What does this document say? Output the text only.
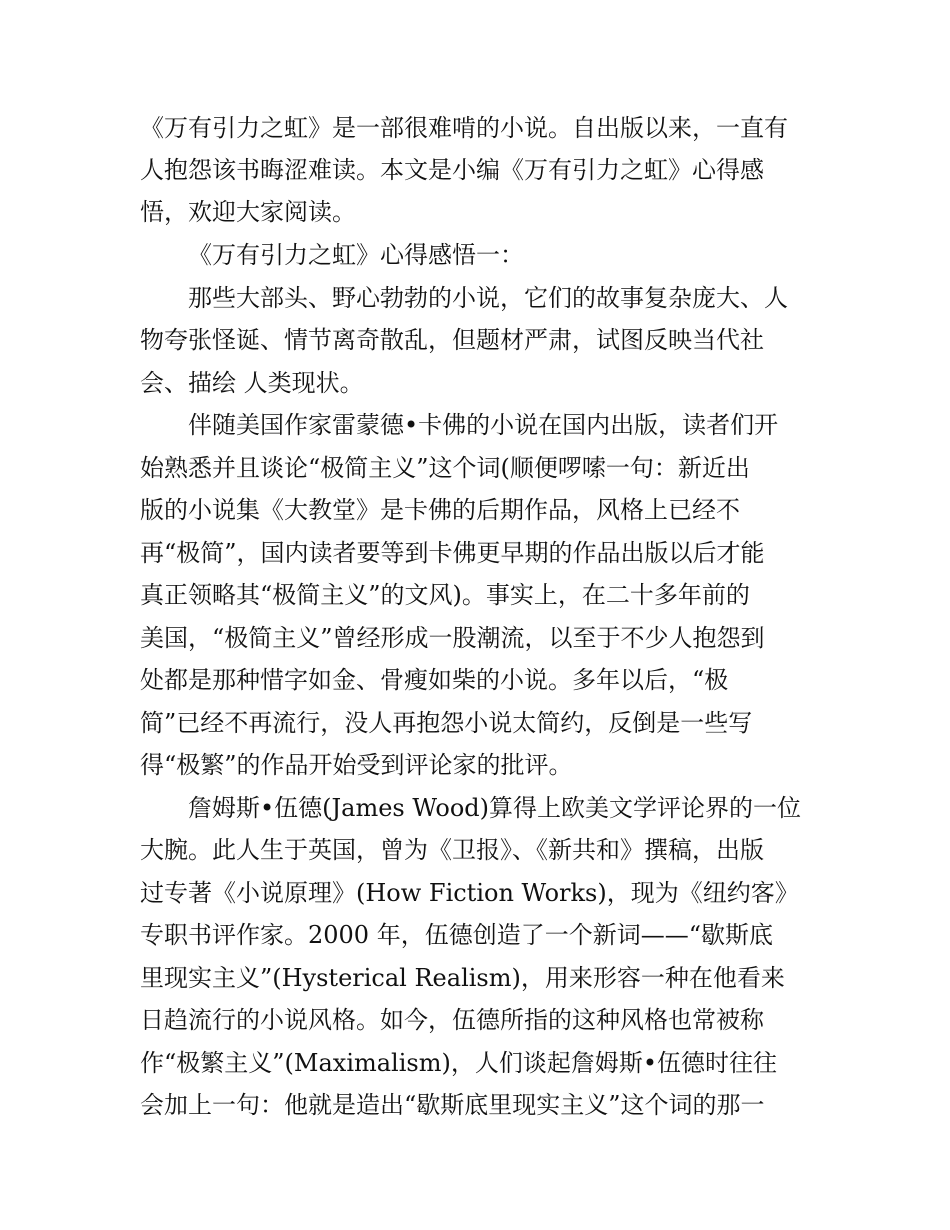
《万有引力之虹》是一部很难啃的小说。自出版以来，一直有
人抱怨该书晦涩难读。本文是小编《万有引力之虹》心得感
悟，欢迎大家阅读。
《万有引力之虹》心得感悟一：
那些大部头、野心勃勃的小说，它们的故事复杂庞大、人
物夸张怪诞、情节离奇散乱，但题材严肃，试图反映当代社
会、描绘 人类现状。
伴随美国作家雷蒙德•卡佛的小说在国内出版，读者们开
始熟悉并且谈论“极简主义”这个词(顺便啰嗦一句：新近出
版的小说集《大教堂》是卡佛的后期作品，风格上已经不
再“极简”，国内读者要等到卡佛更早期的作品出版以后才能
真正领略其“极简主义”的文风)。事实上，在二十多年前的
美国，“极简主义”曾经形成一股潮流，以至于不少人抱怨到
处都是那种惜字如金、骨瘦如柴的小说。多年以后，“极
简”已经不再流行，没人再抱怨小说太简约，反倒是一些写
得“极繁”的作品开始受到评论家的批评。
詹姆斯•伍德(James Wood)算得上欧美文学评论界的一位
大腕。此人生于英国，曾为《卫报》、《新共和》撰稿，出版
过专著《小说原理》(How Fiction Works)，现为《纽约客》
专职书评作家。2000 年，伍德创造了一个新词——“歇斯底
里现实主义”(Hysterical Realism)，用来形容一种在他看来
日趋流行的小说风格。如今，伍德所指的这种风格也常被称
作“极繁主义”(Maximalism)，人们谈起詹姆斯•伍德时往往
会加上一句：他就是造出“歇斯底里现实主义”这个词的那一
